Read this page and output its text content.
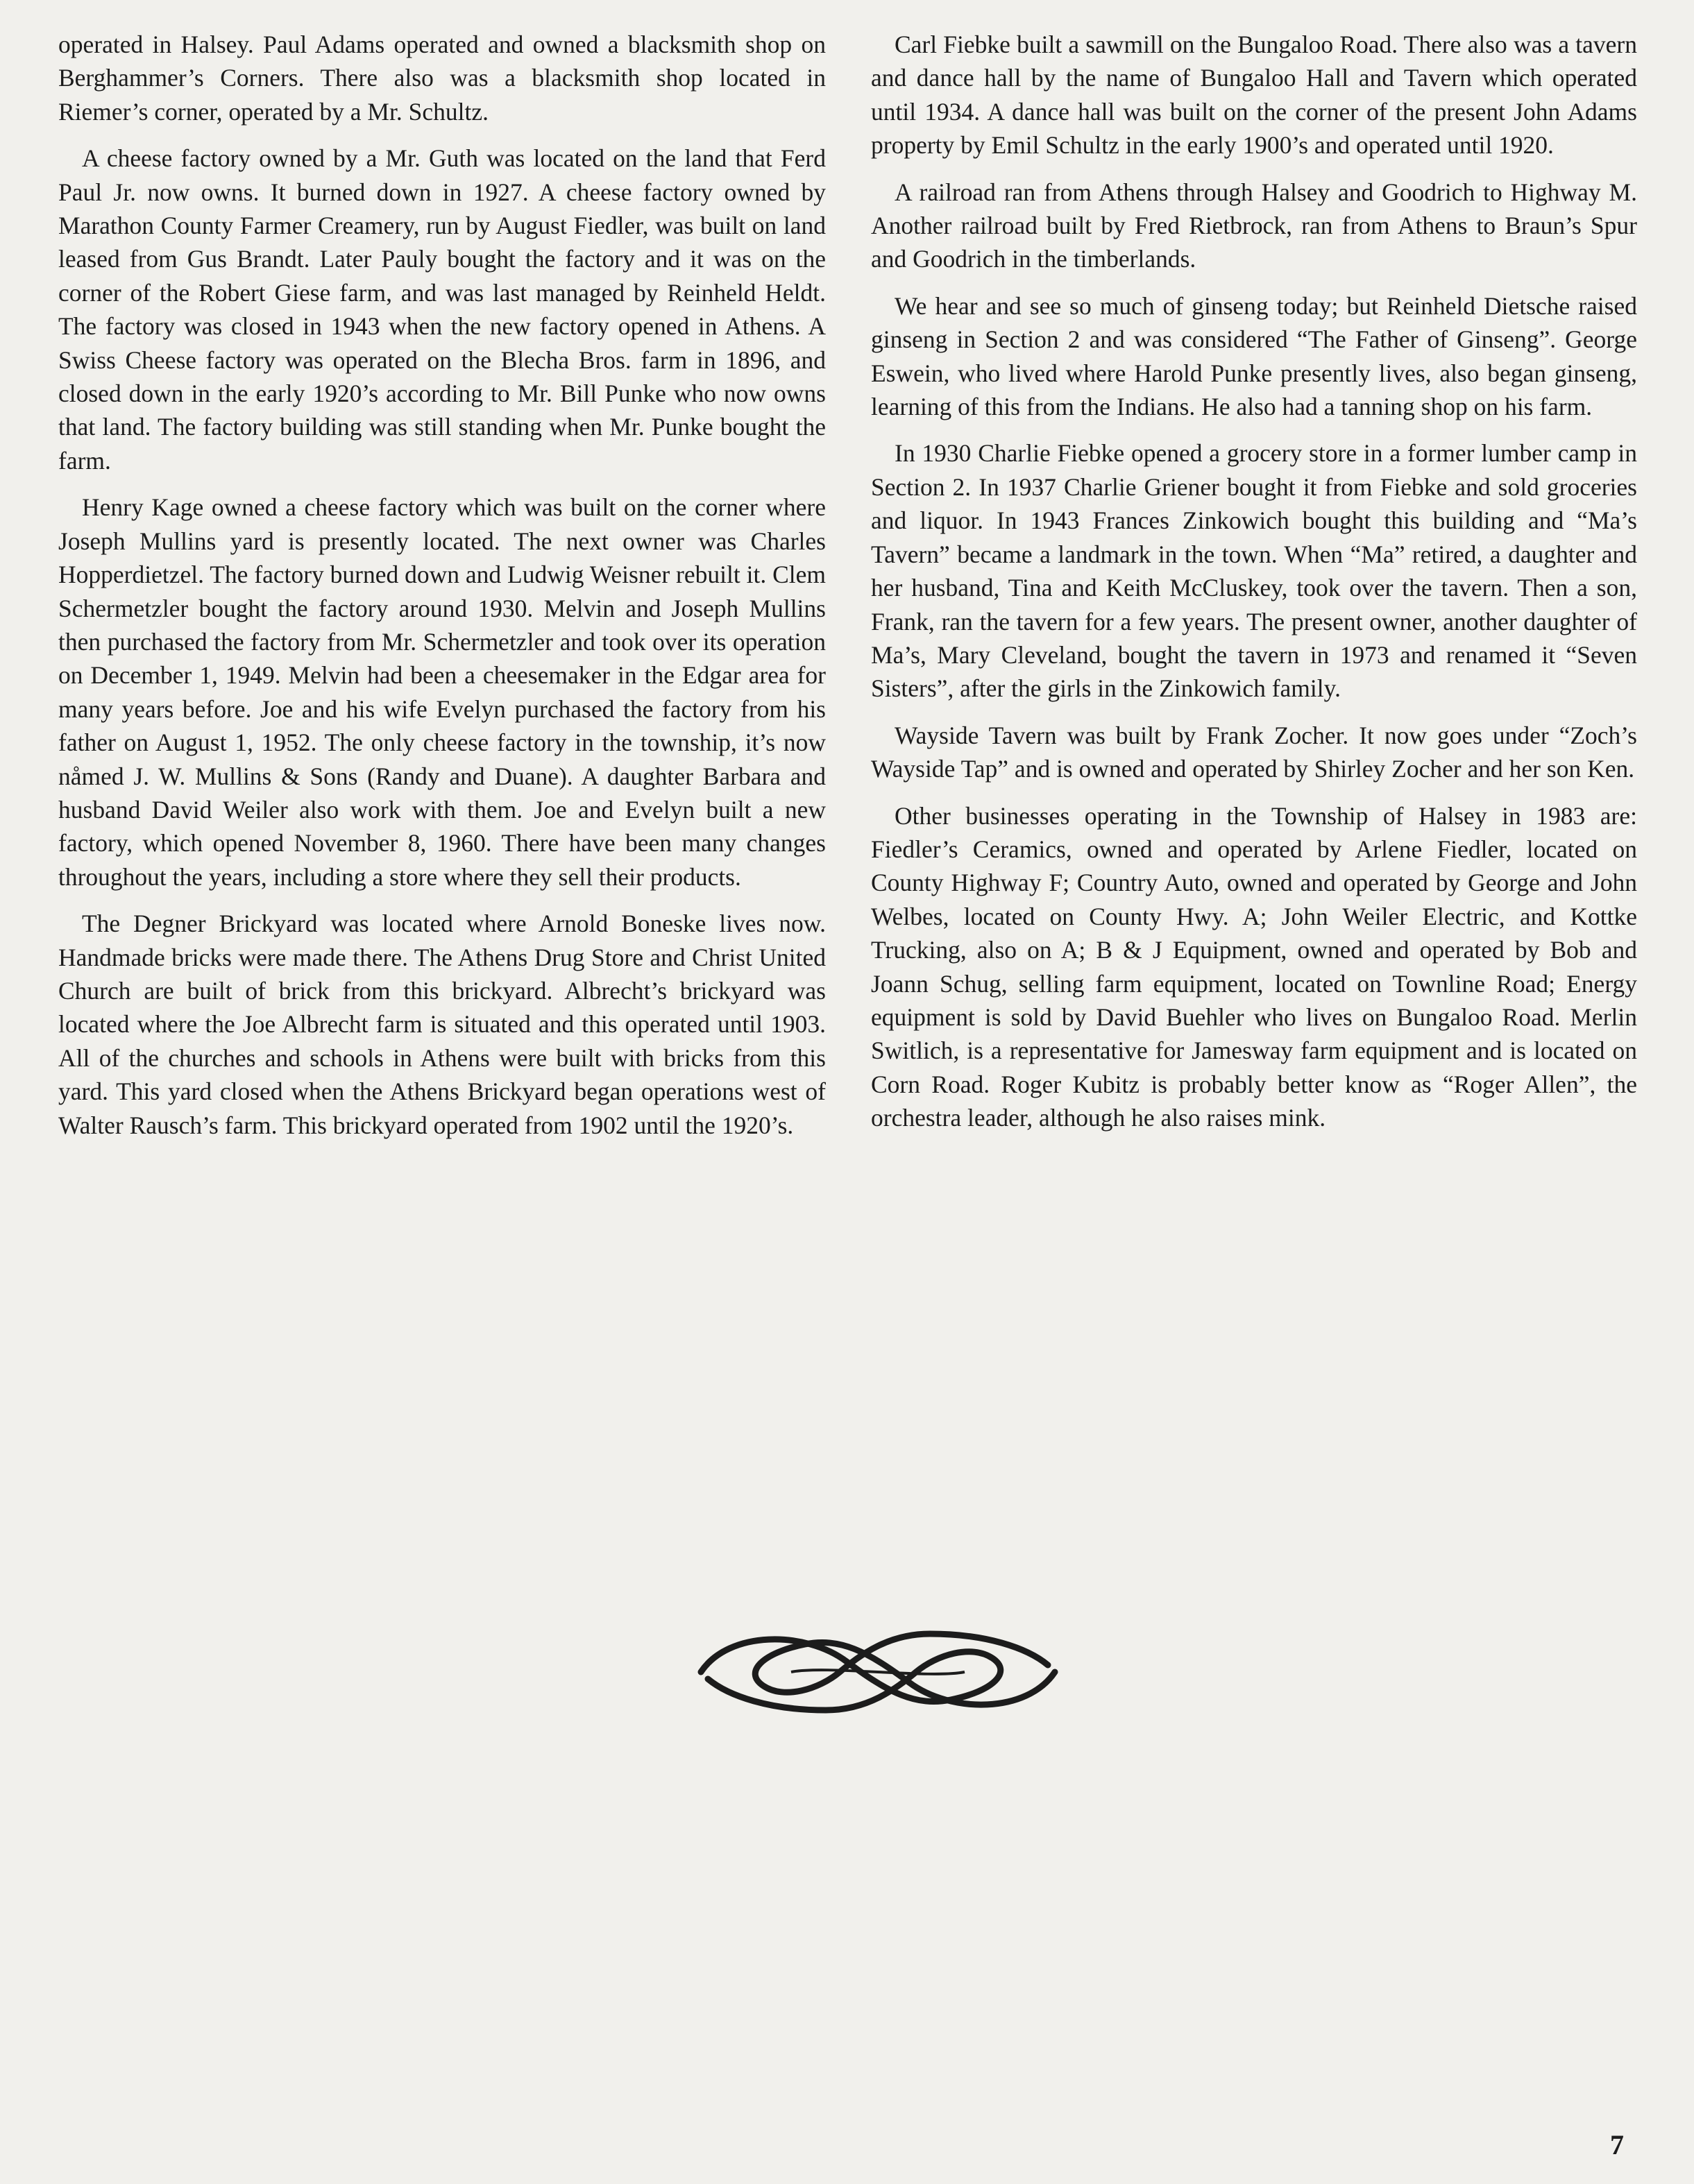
operated in Halsey. Paul Adams operated and owned a blacksmith shop on Berghammer’s Corners. There also was a blacksmith shop located in Riemer’s corner, operated by a Mr. Schultz.

A cheese factory owned by a Mr. Guth was located on the land that Ferd Paul Jr. now owns. It burned down in 1927. A cheese factory owned by Marathon County Farmer Creamery, run by August Fiedler, was built on land leased from Gus Brandt. Later Pauly bought the factory and it was on the corner of the Robert Giese farm, and was last managed by Reinheld Heldt. The factory was closed in 1943 when the new factory opened in Athens. A Swiss Cheese factory was operated on the Blecha Bros. farm in 1896, and closed down in the early 1920’s according to Mr. Bill Punke who now owns that land. The factory building was still standing when Mr. Punke bought the farm.

Henry Kage owned a cheese factory which was built on the corner where Joseph Mullins yard is presently located. The next owner was Charles Hopperdietzel. The factory burned down and Ludwig Weisner rebuilt it. Clem Schermetzler bought the factory around 1930. Melvin and Joseph Mullins then purchased the factory from Mr. Schermetzler and took over its operation on December 1, 1949. Melvin had been a cheesemaker in the Edgar area for many years before. Joe and his wife Evelyn purchased the factory from his father on August 1, 1952. The only cheese factory in the township, it’s now nåmed J. W. Mullins & Sons (Randy and Duane). A daughter Barbara and husband David Weiler also work with them. Joe and Evelyn built a new factory, which opened November 8, 1960. There have been many changes throughout the years, including a store where they sell their products.

The Degner Brickyard was located where Arnold Boneske lives now. Handmade bricks were made there. The Athens Drug Store and Christ United Church are built of brick from this brickyard. Albrecht’s brickyard was located where the Joe Albrecht farm is situated and this operated until 1903. All of the churches and schools in Athens were built with bricks from this yard. This yard closed when the Athens Brickyard began operations west of Walter Rausch’s farm. This brickyard operated from 1902 until the 1920’s.

Carl Fiebke built a sawmill on the Bungaloo Road. There also was a tavern and dance hall by the name of Bungaloo Hall and Tavern which operated until 1934. A dance hall was built on the corner of the present John Adams property by Emil Schultz in the early 1900’s and operated until 1920.

A railroad ran from Athens through Halsey and Goodrich to Highway M. Another railroad built by Fred Rietbrock, ran from Athens to Braun’s Spur and Goodrich in the timberlands.

We hear and see so much of ginseng today; but Reinheld Dietsche raised ginseng in Section 2 and was considered “The Father of Ginseng”. George Eswein, who lived where Harold Punke presently lives, also began ginseng, learning of this from the Indians. He also had a tanning shop on his farm.

In 1930 Charlie Fiebke opened a grocery store in a former lumber camp in Section 2. In 1937 Charlie Griener bought it from Fiebke and sold groceries and liquor. In 1943 Frances Zinkowich bought this building and “Ma’s Tavern” became a landmark in the town. When “Ma” retired, a daughter and her husband, Tina and Keith McCluskey, took over the tavern. Then a son, Frank, ran the tavern for a few years. The present owner, another daughter of Ma’s, Mary Cleveland, bought the tavern in 1973 and renamed it “Seven Sisters”, after the girls in the Zinkowich family.

Wayside Tavern was built by Frank Zocher. It now goes under “Zoch’s Wayside Tap” and is owned and operated by Shirley Zocher and her son Ken.

Other businesses operating in the Township of Halsey in 1983 are: Fiedler’s Ceramics, owned and operated by Arlene Fiedler, located on County Highway F; Country Auto, owned and operated by George and John Welbes, located on County Hwy. A; John Weiler Electric, and Kottke Trucking, also on A; B & J Equipment, owned and operated by Bob and Joann Schug, selling farm equipment, located on Townline Road; Energy equipment is sold by David Buehler who lives on Bungaloo Road. Merlin Switlich, is a representative for Jamesway farm equipment and is located on Corn Road. Roger Kubitz is probably better know as “Roger Allen”, the orchestra leader, although he also raises mink.

7
